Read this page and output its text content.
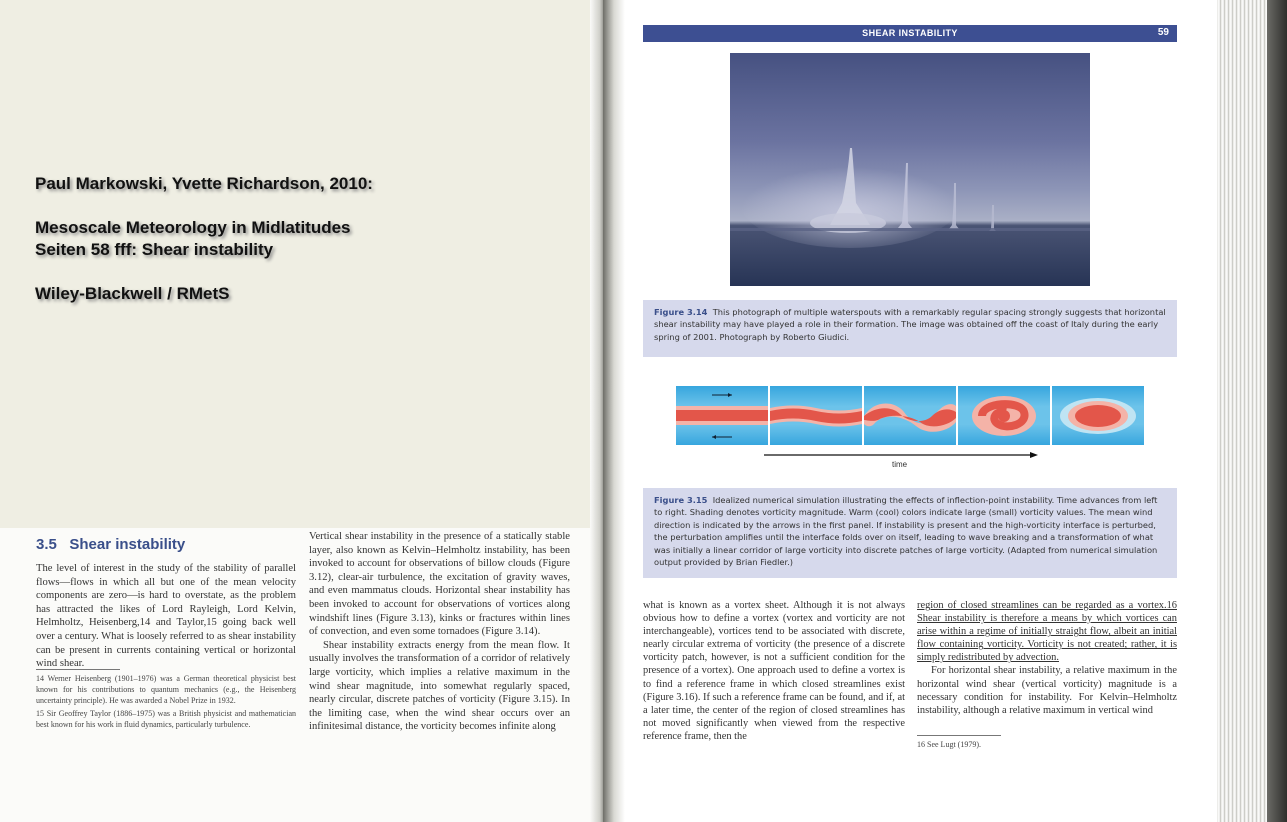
Paul Markowski, Yvette Richardson, 2010:
Mesoscale Meteorology in Midlatitudes
Seiten 58 fff: Shear instability
Wiley-Blackwell / RMetS
3.5 Shear instability

The level of interest in the study of the stability of parallel flows—flows in which all but one of the mean velocity components are zero—is hard to overstate, as the problem has attracted the likes of Lord Rayleigh, Lord Kelvin, Helmholtz, Heisenberg,14 and Taylor,15 going back well over a century. What is loosely referred to as shear instability can be present in currents containing vertical or horizontal wind shear.

14 Werner Heisenberg (1901–1976) was a German theoretical physicist best known for his contributions to quantum mechanics (e.g., the Heisenberg uncertainty principle). He was awarded a Nobel Prize in 1932.

15 Sir Geoffrey Taylor (1886–1975) was a British physicist and mathematician best known for his work in fluid dynamics, particularly turbulence.

Vertical shear instability in the presence of a statically stable layer, also known as Kelvin–Helmholtz instability, has been invoked to account for observations of billow clouds (Figure 3.12), clear-air turbulence, the excitation of gravity waves, and even mammatus clouds. Horizontal shear instability has been invoked to account for observations of vortices along windshift lines (Figure 3.13), kinks or fractures within lines of convection, and even some tornadoes (Figure 3.14).

Shear instability extracts energy from the mean flow. It usually involves the transformation of a corridor of relatively large vorticity, which implies a relative maximum in the wind shear magnitude, into somewhat regularly spaced, nearly circular, discrete patches of vorticity (Figure 3.15). In the limiting case, when the wind shear occurs over an infinitesimal distance, the vorticity becomes infinite along

SHEAR INSTABILITY	59
Figure 3.14 This photograph of multiple waterspouts with a remarkably regular spacing strongly suggests that horizontal shear instability may have played a role in their formation. The image was obtained off the coast of Italy during the early spring of 2001. Photograph by Roberto Giudici.
time
Figure 3.15 Idealized numerical simulation illustrating the effects of inflection-point instability. Time advances from left to right. Shading denotes vorticity magnitude. Warm (cool) colors indicate large (small) vorticity values. The mean wind direction is indicated by the arrows in the first panel. If instability is present and the high-vorticity interface is perturbed, the perturbation amplifies until the interface folds over on itself, leading to wave breaking and a transformation of what was initially a linear corridor of large vorticity into discrete patches of large vorticity. (Adapted from numerical simulation output provided by Brian Fiedler.)

what is known as a vortex sheet. Although it is not always obvious how to define a vortex (vortex and vorticity are not interchangeable), vortices tend to be associated with discrete, nearly circular extrema of vorticity (the presence of a discrete vorticity patch, however, is not a sufficient condition for the presence of a vortex). One approach used to define a vortex is to find a reference frame in which closed streamlines exist (Figure 3.16). If such a reference frame can be found, and if, at a later time, the center of the region of closed streamlines has not moved significantly when viewed from the respective reference frame, then the

region of closed streamlines can be regarded as a vortex.16 Shear instability is therefore a means by which vortices can arise within a regime of initially straight flow, albeit an initial flow containing vorticity. Vorticity is not created; rather, it is simply redistributed by advection.

For horizontal shear instability, a relative maximum in the horizontal wind shear (vertical vorticity) magnitude is a necessary condition for instability. For Kelvin–Helmholtz instability, although a relative maximum in vertical wind

16 See Lugt (1979).
